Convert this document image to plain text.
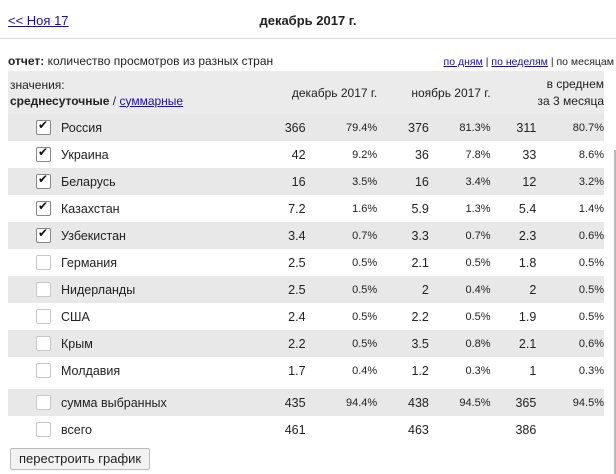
<< Ноя 17	декабрь 2017 г.
отчет: количество просмотров из разных стран	по дням | по неделям | по месяцам
значения:
среднесуточные / суммарные		декабрь 2017 г.		ноябрь 2017 г.		в среднем
за 3 месяца	
✔	Россия	366	79.4%	376	81.3%	311	80.7%
✔	Украина	42	9.2%	36	7.8%	33	8.6%
✔	Беларусь	16	3.5%	16	3.4%	12	3.2%
✔	Казахстан	7.2	1.6%	5.9	1.3%	5.4	1.4%
✔	Узбекистан	3.4	0.7%	3.3	0.7%	2.3	0.6%
	Германия	2.5	0.5%	2.1	0.5%	1.8	0.5%
	Нидерланды	2.5	0.5%	2	0.4%	2	0.5%
	США	2.4	0.5%	2.2	0.5%	1.9	0.5%
	Крым	2.2	0.5%	3.5	0.8%	2.1	0.6%
	Молдавия	1.7	0.4%	1.2	0.3%	1	0.3%

	сумма выбранных	435	94.4%	438	94.5%	365	94.5%
	всего	461		463		386	
перестроить график
